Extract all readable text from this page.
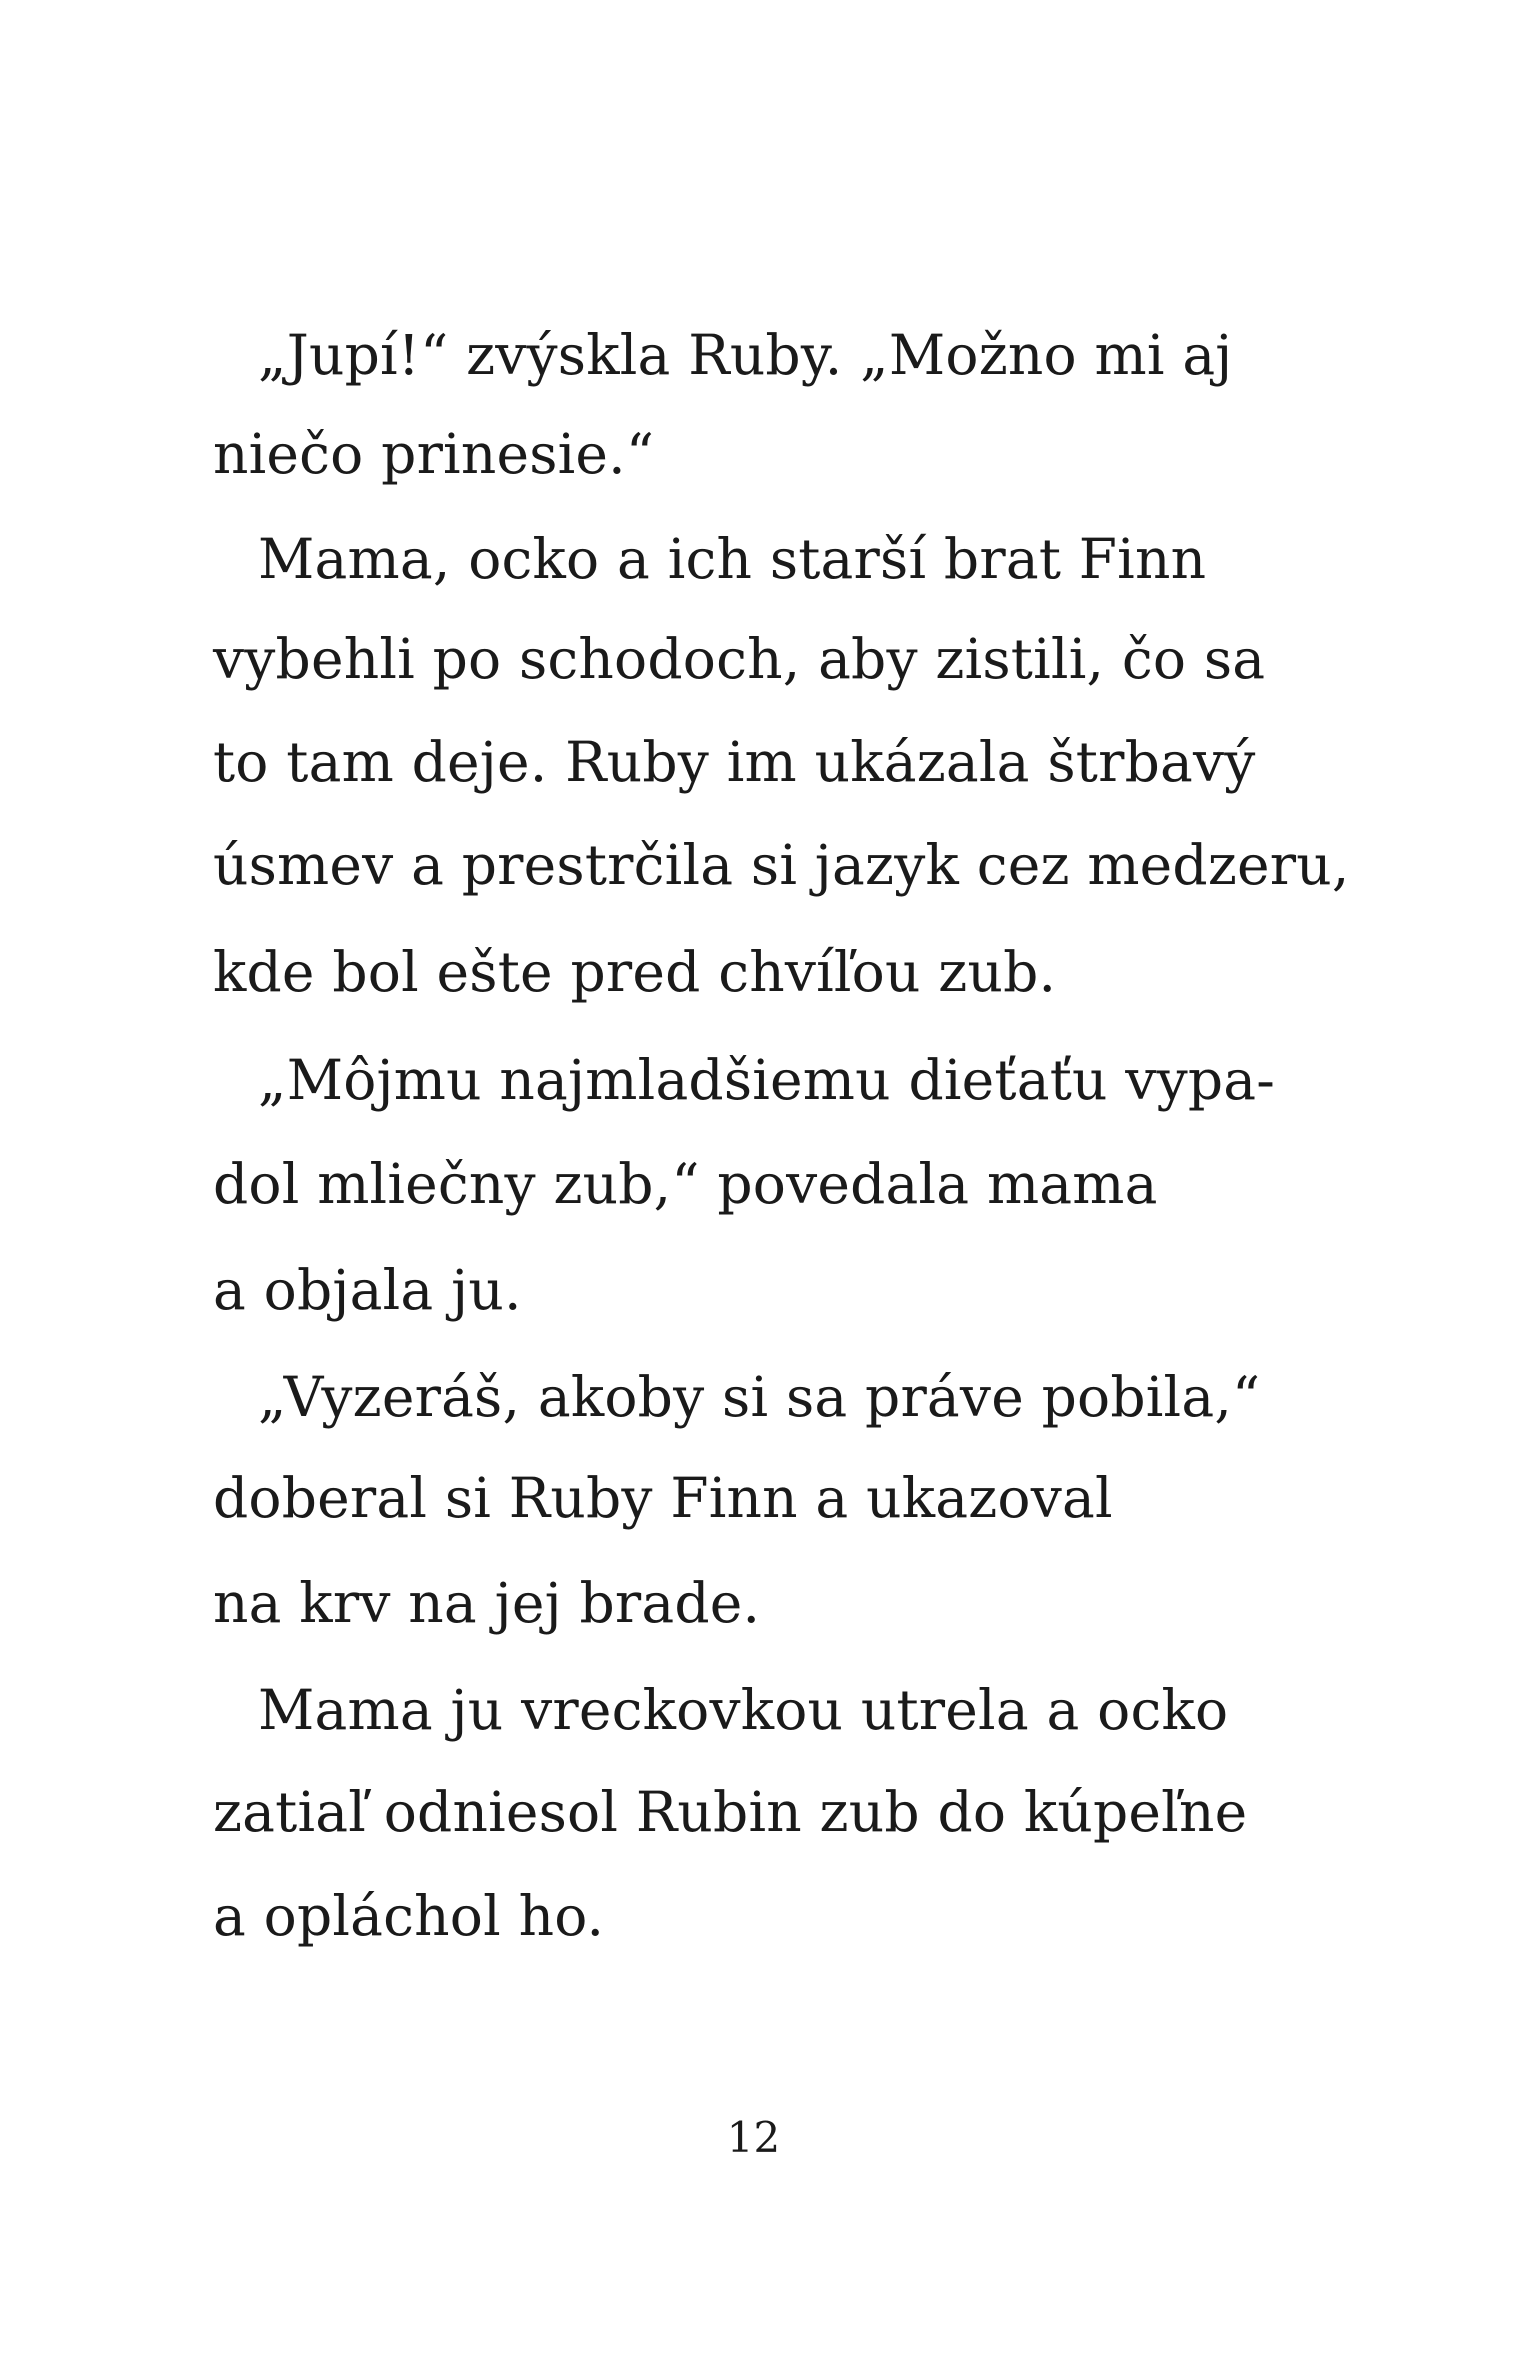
„Jupí!“ zvýskla Ruby. „Možno mi aj

niečo prinesie.“

Mama, ocko a ich starší brat Finn

vybehli po schodoch, aby zistili, čo sa

to tam deje. Ruby im ukázala štrbavý

úsmev a prestrčila si jazyk cez medzeru,

kde bol ešte pred chvíľou zub.

„Môjmu najmladšiemu dieťaťu vypa-

dol mliečny zub,“ povedala mama

a objala ju.

„Vyzeráš, akoby si sa práve pobila,“

doberal si Ruby Finn a ukazoval

na krv na jej brade.

Mama ju vreckovkou utrela a ocko

zatiaľ odniesol Rubin zub do kúpeľne

a opláchol ho.

12
